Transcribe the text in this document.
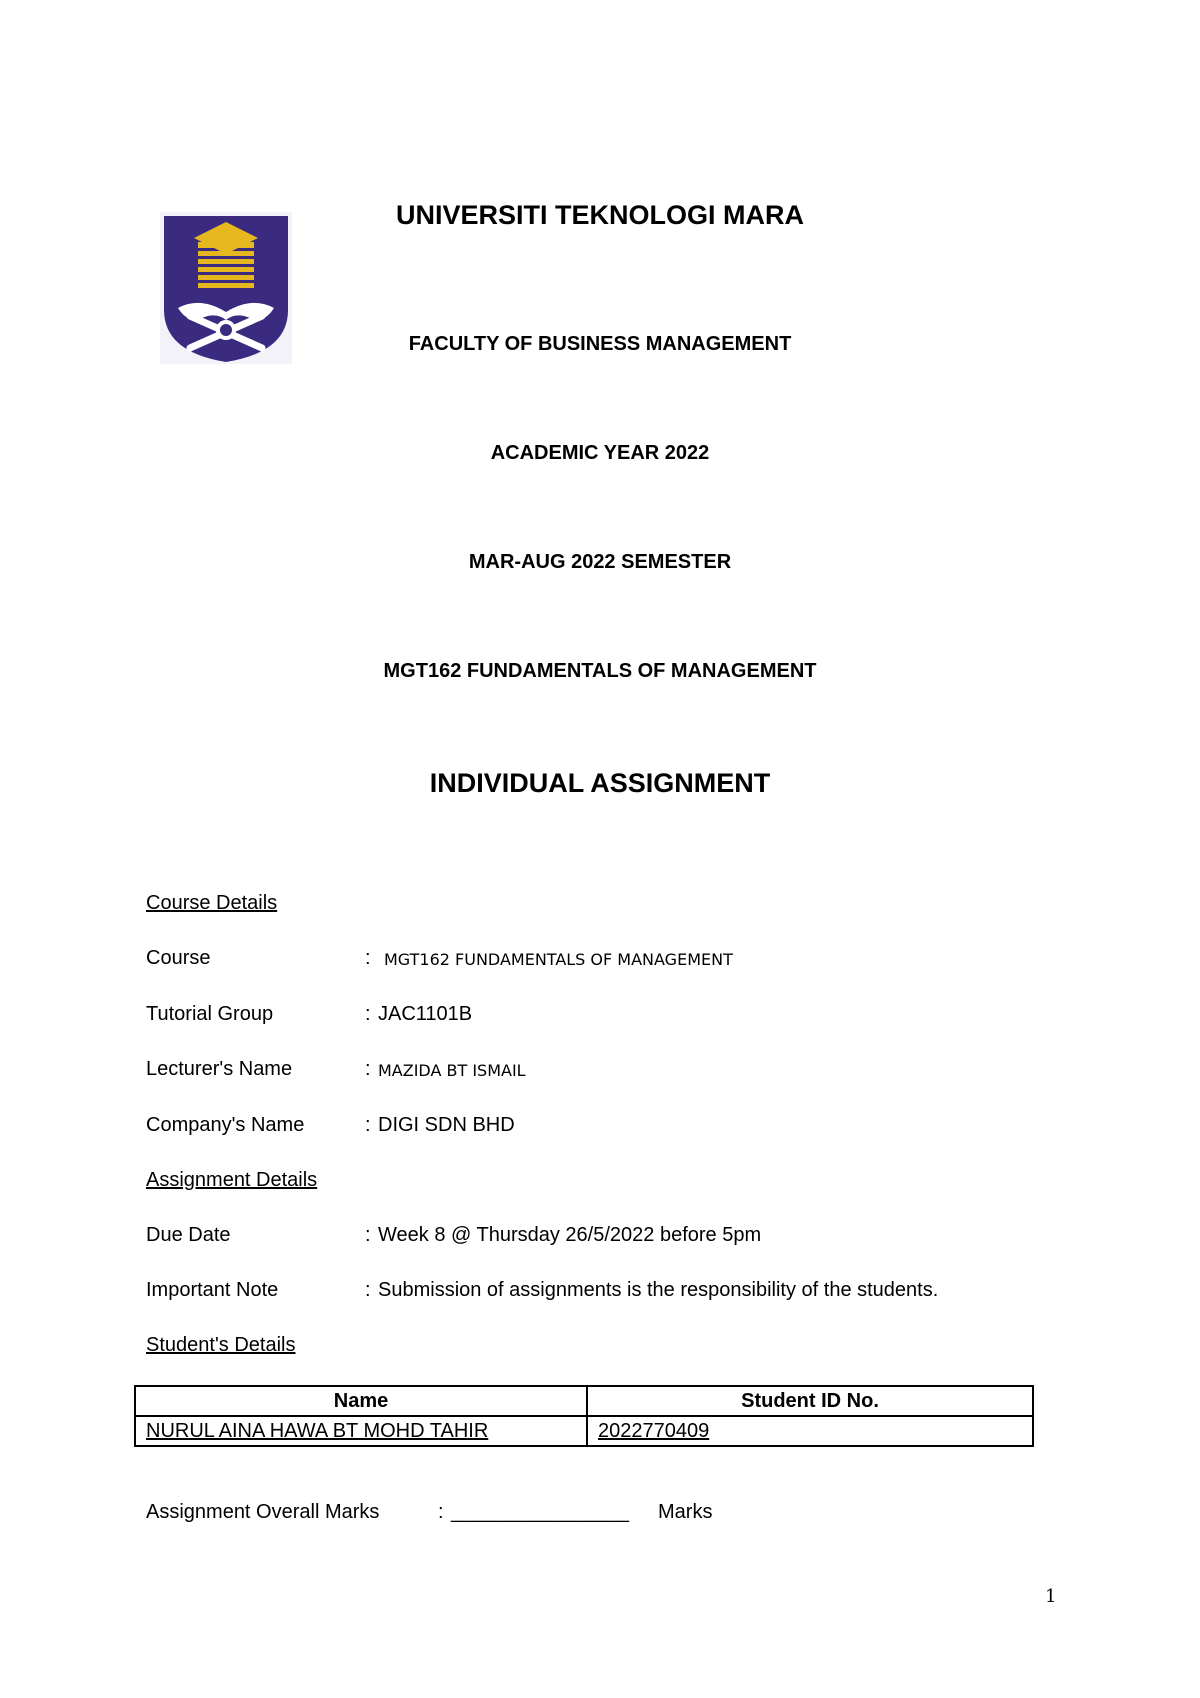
UNIVERSITI TEKNOLOGI MARA
FACULTY OF BUSINESS MANAGEMENT
ACADEMIC YEAR 2022
MAR-AUG 2022 SEMESTER
MGT162 FUNDAMENTALS OF MANAGEMENT
INDIVIDUAL ASSIGNMENT
Course Details
Course	: MGT162 FUNDAMENTALS OF MANAGEMENT
Tutorial Group	: JAC1101B
Lecturer's Name	: MAZIDA BT ISMAIL
Company's Name	: DIGI SDN BHD
Assignment Details
Due Date	: Week 8 @ Thursday 26/5/2022 before 5pm
Important Note	: Submission of assignments is the responsibility of the students.
Student's Details
Name	Student ID No.
NURUL AINA HAWA BT MOHD TAHIR	2022770409
Assignment Overall Marks	: ________________ Marks
1
